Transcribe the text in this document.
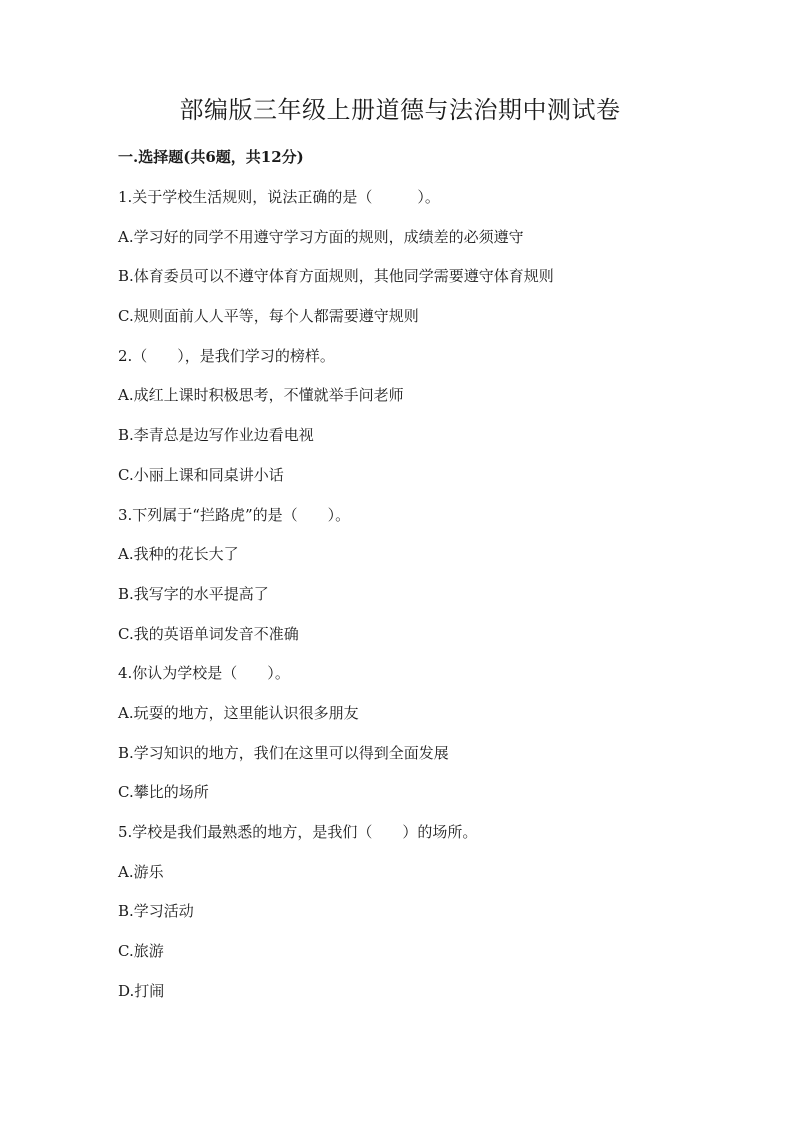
部编版三年级上册道德与法治期中测试卷
一.选择题(共6题，共12分)
1.关于学校生活规则，说法正确的是（　　　）。
A.学习好的同学不用遵守学习方面的规则，成绩差的必须遵守
B.体育委员可以不遵守体育方面规则，其他同学需要遵守体育规则
C.规则面前人人平等，每个人都需要遵守规则
2.（　　），是我们学习的榜样。
A.成红上课时积极思考，不懂就举手问老师
B.李青总是边写作业边看电视
C.小丽上课和同桌讲小话
3.下列属于“拦路虎”的是（　　）。
A.我种的花长大了
B.我写字的水平提高了
C.我的英语单词发音不准确
4.你认为学校是（　　）。
A.玩耍的地方，这里能认识很多朋友
B.学习知识的地方，我们在这里可以得到全面发展
C.攀比的场所
5.学校是我们最熟悉的地方，是我们（　　）的场所。
A.游乐
B.学习活动
C.旅游
D.打闹
